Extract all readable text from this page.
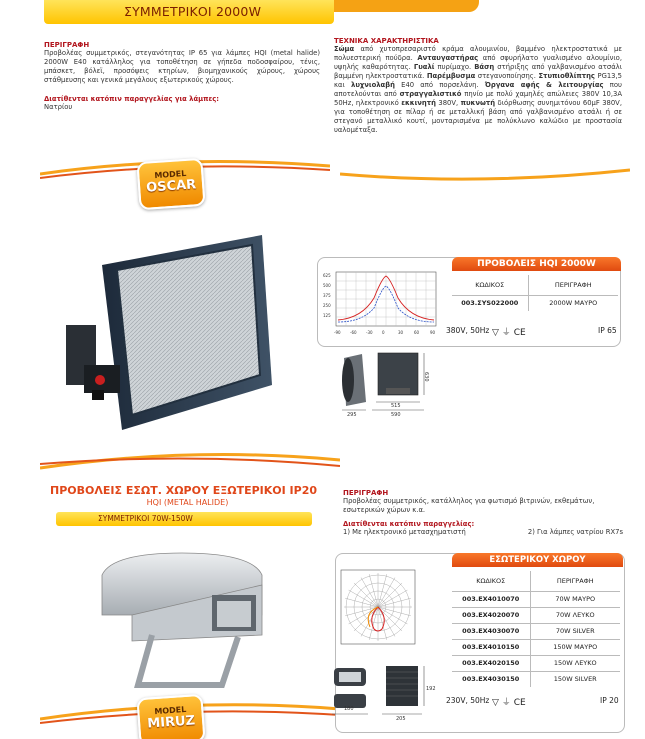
ΣΥΜΜΕΤΡΙΚΟΙ 2000W
ΠΕΡΙΓΡΑΦΗ
Προβολέας συμμετρικός, στεγανότητας IP 65 για λάμπες HQI (metal halide) 2000W E40 κατάλληλος για τοποθέτηση σε γήπεδα ποδοσφαίρου, τένις, μπάσκετ, βόλεϊ, προσόψεις κτηρίων, βιομηχανικούς χώρους, χώρους στάθμευσης και γενικά μεγάλους εξωτερικούς χώρους.
Διατίθενται κατόπιν παραγγελίας για λάμπες:
Νατρίου
ΤΕΧΝΙΚΑ ΧΑΡΑΚΤΗΡΙΣΤΙΚΑ
Σώμα από χυτοπρεσαριστό κράμα αλουμινίου, βαμμένο ηλεκτροστατικά με πολυεστερική πούδρα. Ανταυγαστήρας από σφυρήλατο γυαλισμένο αλουμίνιο, υψηλής καθαρότητας. Γυαλί πυρίμαχο. Βάση στήριξης από γαλβανισμένο ατσάλι βαμμένη ηλεκτροστατικά. Παρέμβυσμα στεγανοποίησης. Στυπιοθλίπτης PG13,5 και λυχνιολαβή E40 από πορσελάνη. Όργανα αφής & λειτουργίας που αποτελούνται από στραγγαλιστικό πηνίο με πολύ χαμηλές απώλειες 380V 10,3A 50Hz, ηλεκτρονικό εκκινητή 380V, πυκνωτή διόρθωσης συνημιτόνου 60μF 380V, για τοποθέτηση σε πίλαρ ή σε μεταλλική βάση από γαλβανισμένο ατσάλι ή σε στεγανό μεταλλικό κουτί, μονταρισμένα με πολύκλωνο καλώδιο με προστασία υαλομέταξα.
MODEL
OSCAR
625
500
375
250
125
-90 -60 -30 0	30	60	90
ΠΡΟΒΟΛΕΙΣ HQI 2000W
ΚΩΔΙΚΟΣ	ΠΕΡΙΓΡΑΦΗ
003.ΣΥS022000	2000W ΜΑΥΡΟ
380V, 50Hz ▽ ⏚ CE	IP 65
295
515
590
630
ΠΡΟΒΟΛΕΙΣ ΕΣΩΤ. ΧΩΡΟΥ ΕΞΩΤΕΡΙΚΟΙ IP20
HQI (METAL HALIDE)
ΣΥΜΜΕΤΡΙΚΟΙ 70W-150W
ΠΕΡΙΓΡΑΦΗ
Προβολέας συμμετρικός, κατάλληλος για φωτισμό βιτρινών, εκθεμάτων, εσωτερικών χώρων κ.α.
Διατίθενται κατόπιν παραγγελίας:
1) Με ηλεκτρονικό μετασχηματιστή	2) Για λάμπες νατρίου RX7s
MODEL
MIRUZ
ΕΣΩΤΕΡΙΚΟΥ ΧΩΡΟΥ
ΚΩΔΙΚΟΣ	ΠΕΡΙΓΡΑΦΗ
003.EX4010070	70W ΜΑΥΡΟ
003.EX4020070	70W ΛΕΥΚΟ
003.EX4030070	70W SILVER
003.EX4010150	150W ΜΑΥΡΟ
003.EX4020150	150W ΛΕΥΚΟ
003.EX4030150	150W SILVER
180
205
192
230V, 50Hz ▽ ⏚ CE	IP 20
